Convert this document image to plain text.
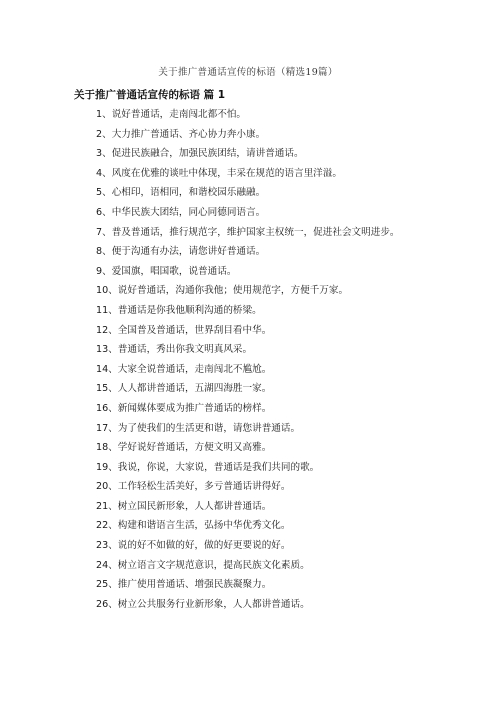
关于推广普通话宣传的标语（精选19篇）
关于推广普通话宣传的标语 篇 1
1、说好普通话，走南闯北都不怕。
2、大力推广普通话、齐心协力奔小康。
3、促进民族融合，加强民族团结，请讲普通话。
4、风度在优雅的谈吐中体现，丰采在规范的语言里洋溢。
5、心相印，语相同，和谐校园乐融融。
6、中华民族大团结，同心同德同语言。
7、普及普通话，推行规范字，维护国家主权统一，促进社会文明进步。
8、便于沟通有办法，请您讲好普通话。
9、爱国旗，唱国歌，说普通话。
10、说好普通话，沟通你我他；使用规范字，方便千万家。
11、普通话是你我他顺利沟通的桥梁。
12、全国普及普通话，世界刮目看中华。
13、普通话，秀出你我文明真风采。
14、大家全说普通话，走南闯北不尴尬。
15、人人都讲普通话，五湖四海胜一家。
16、新闻媒体要成为推广普通话的榜样。
17、为了使我们的生活更和谐，请您讲普通话。
18、学好说好普通话，方便文明又高雅。
19、我说，你说，大家说，普通话是我们共同的歌。
20、工作轻松生活美好，多亏普通话讲得好。
21、树立国民新形象，人人都讲普通话。
22、构建和谐语言生活，弘扬中华优秀文化。
23、说的好不如做的好，做的好更要说的好。
24、树立语言文字规范意识，提高民族文化素质。
25、推广使用普通话、增强民族凝聚力。
26、树立公共服务行业新形象，人人都讲普通话。
